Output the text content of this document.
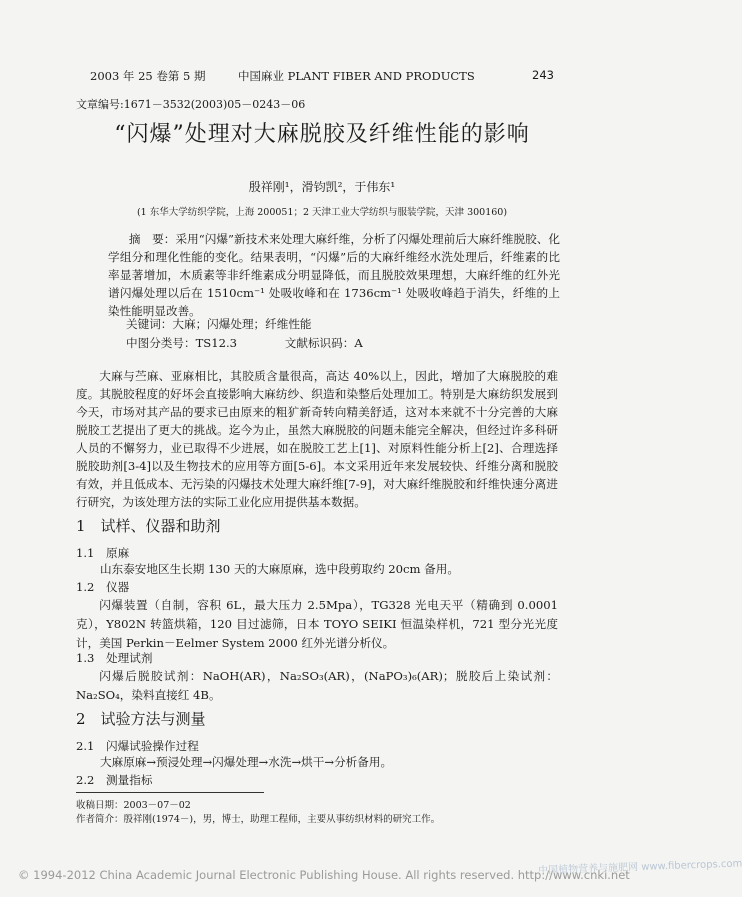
2003 年 25 卷第 5 期	中国麻业 PLANT FIBER AND PRODUCTS	243
文章编号:1671－3532(2003)05－0243－06
“闪爆”处理对大麻脱胶及纤维性能的影响
殷祥刚¹，滑钧凯²，于伟东¹
(1 东华大学纺织学院，上海 200051；2 天津工业大学纺织与服装学院，天津 300160)

摘　要：采用“闪爆”新技术来处理大麻纤维，分析了闪爆处理前后大麻纤维脱胶、化学组分和理化性能的变化。结果表明，“闪爆”后的大麻纤维经水洗处理后，纤维素的比率显著增加，木质素等非纤维素成分明显降低，而且脱胶效果理想，大麻纤维的红外光谱闪爆处理以后在 1510cm⁻¹ 处吸收峰和在 1736cm⁻¹ 处吸收峰趋于消失，纤维的上染性能明显改善。

关键词：大麻；闪爆处理；纤维性能
中图分类号：TS12.3	文献标识码：A

大麻与苎麻、亚麻相比，其胶质含量很高，高达 40%以上，因此，增加了大麻脱胶的难度。其脱胶程度的好坏会直接影响大麻纺纱、织造和染整后处理加工。特别是大麻纺织发展到今天，市场对其产品的要求已由原来的粗犷新奇转向精美舒适，这对本来就不十分完善的大麻脱胶工艺提出了更大的挑战。迄今为止，虽然大麻脱胶的问题未能完全解决，但经过许多科研人员的不懈努力，业已取得不少进展，如在脱胶工艺上[1]、对原料性能分析上[2]、合理选择脱胶助剂[3-4]以及生物技术的应用等方面[5-6]。本文采用近年来发展较快、纤维分离和脱胶有效，并且低成本、无污染的闪爆技术处理大麻纤维[7-9]，对大麻纤维脱胶和纤维快速分离进行研究，为该处理方法的实际工业化应用提供基本数据。

1　试样、仪器和助剂
1.1　原麻
山东泰安地区生长期 130 天的大麻原麻，选中段剪取约 20cm 备用。
1.2　仪器
闪爆装置（自制，容积 6L，最大压力 2.5Mpa），TG328 光电天平（精确到 0.0001 克），Y802N 转篮烘箱，120 目过滤筛，日本 TOYO SEIKI 恒温染样机，721 型分光光度计，美国 Perkin－Eelmer System 2000 红外光谱分析仪。
1.3　处理试剂
闪爆后脱胶试剂：NaOH(AR)，Na₂SO₃(AR)，(NaPO₃)₆(AR)；脱胶后上染试剂：Na₂SO₄，染料直接红 4B。
2　试验方法与测量
2.1　闪爆试验操作过程
大麻原麻→预浸处理→闪爆处理→水洗→烘干→分析备用。
2.2　测量指标
收稿日期：2003－07－02
作者简介：殷祥刚(1974－)，男，博士，助理工程师，主要从事纺织材料的研究工作。
© 1994-2012 China Academic Journal Electronic Publishing House. All rights reserved. http://www.cnki.net
中国植物营养与施肥网 www.fibercrops.com
